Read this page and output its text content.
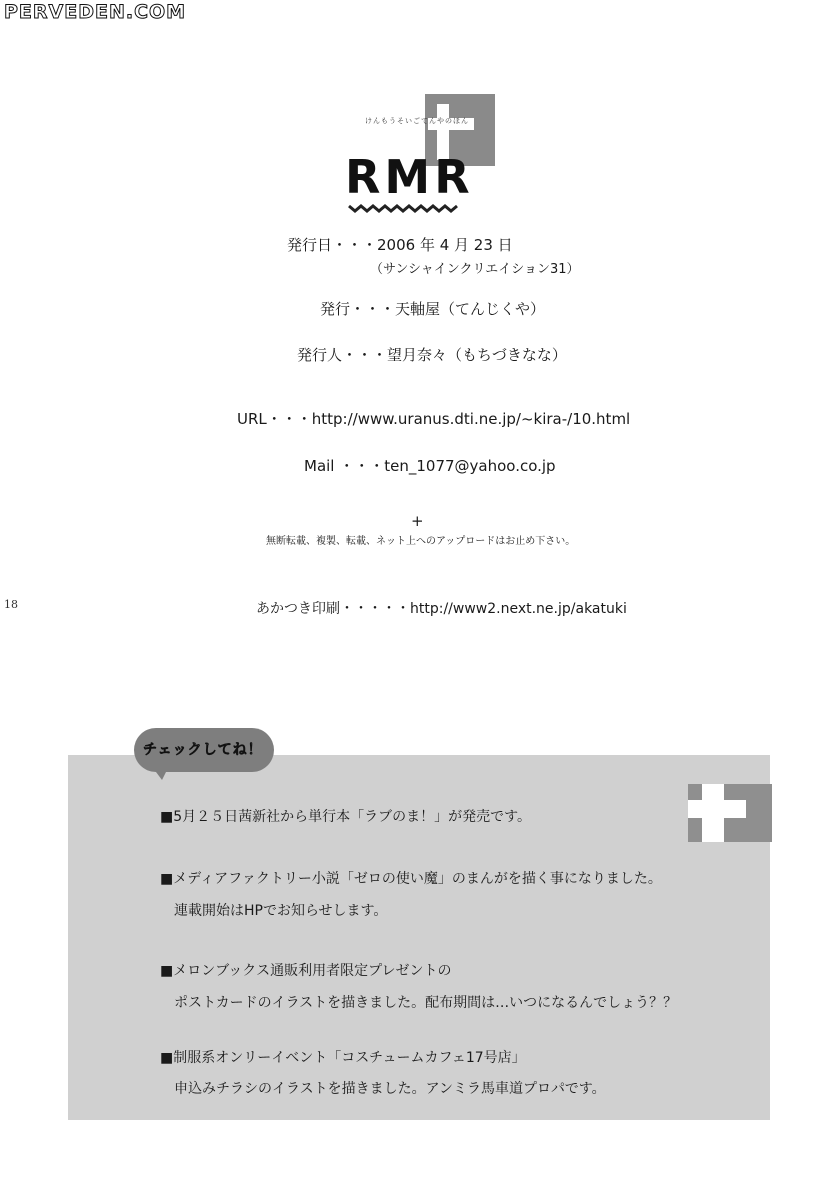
PERVEDEN.COM
けんもうそいごてんやのほん
RMR
発行日・・・2006 年 4 月 23 日
（サンシャインクリエイション31）
発行・・・天軸屋（てんじくや）
発行人・・・望月奈々（もちづきなな）
URL・・・http://www.uranus.dti.ne.jp/~kira-/10.html
Mail ・・・ten_1077@yahoo.co.jp
+
無断転載、複製、転載、ネット上へのアップロードはお止め下さい。
あかつき印刷・・・・・http://www2.next.ne.jp/akatuki
18
チェックしてね！
■5月２５日茜新社から単行本「ラブのま！」が発売です。
■メディアファクトリー小説「ゼロの使い魔」のまんがを描く事になりました。
連載開始はHPでお知らせします。
■メロンブックス通販利用者限定プレゼントの
ポストカードのイラストを描きました。配布期間は…いつになるんでしょう？？
■制服系オンリーイベント「コスチュームカフェ17号店」
申込みチラシのイラストを描きました。アンミラ馬車道プロパです。
